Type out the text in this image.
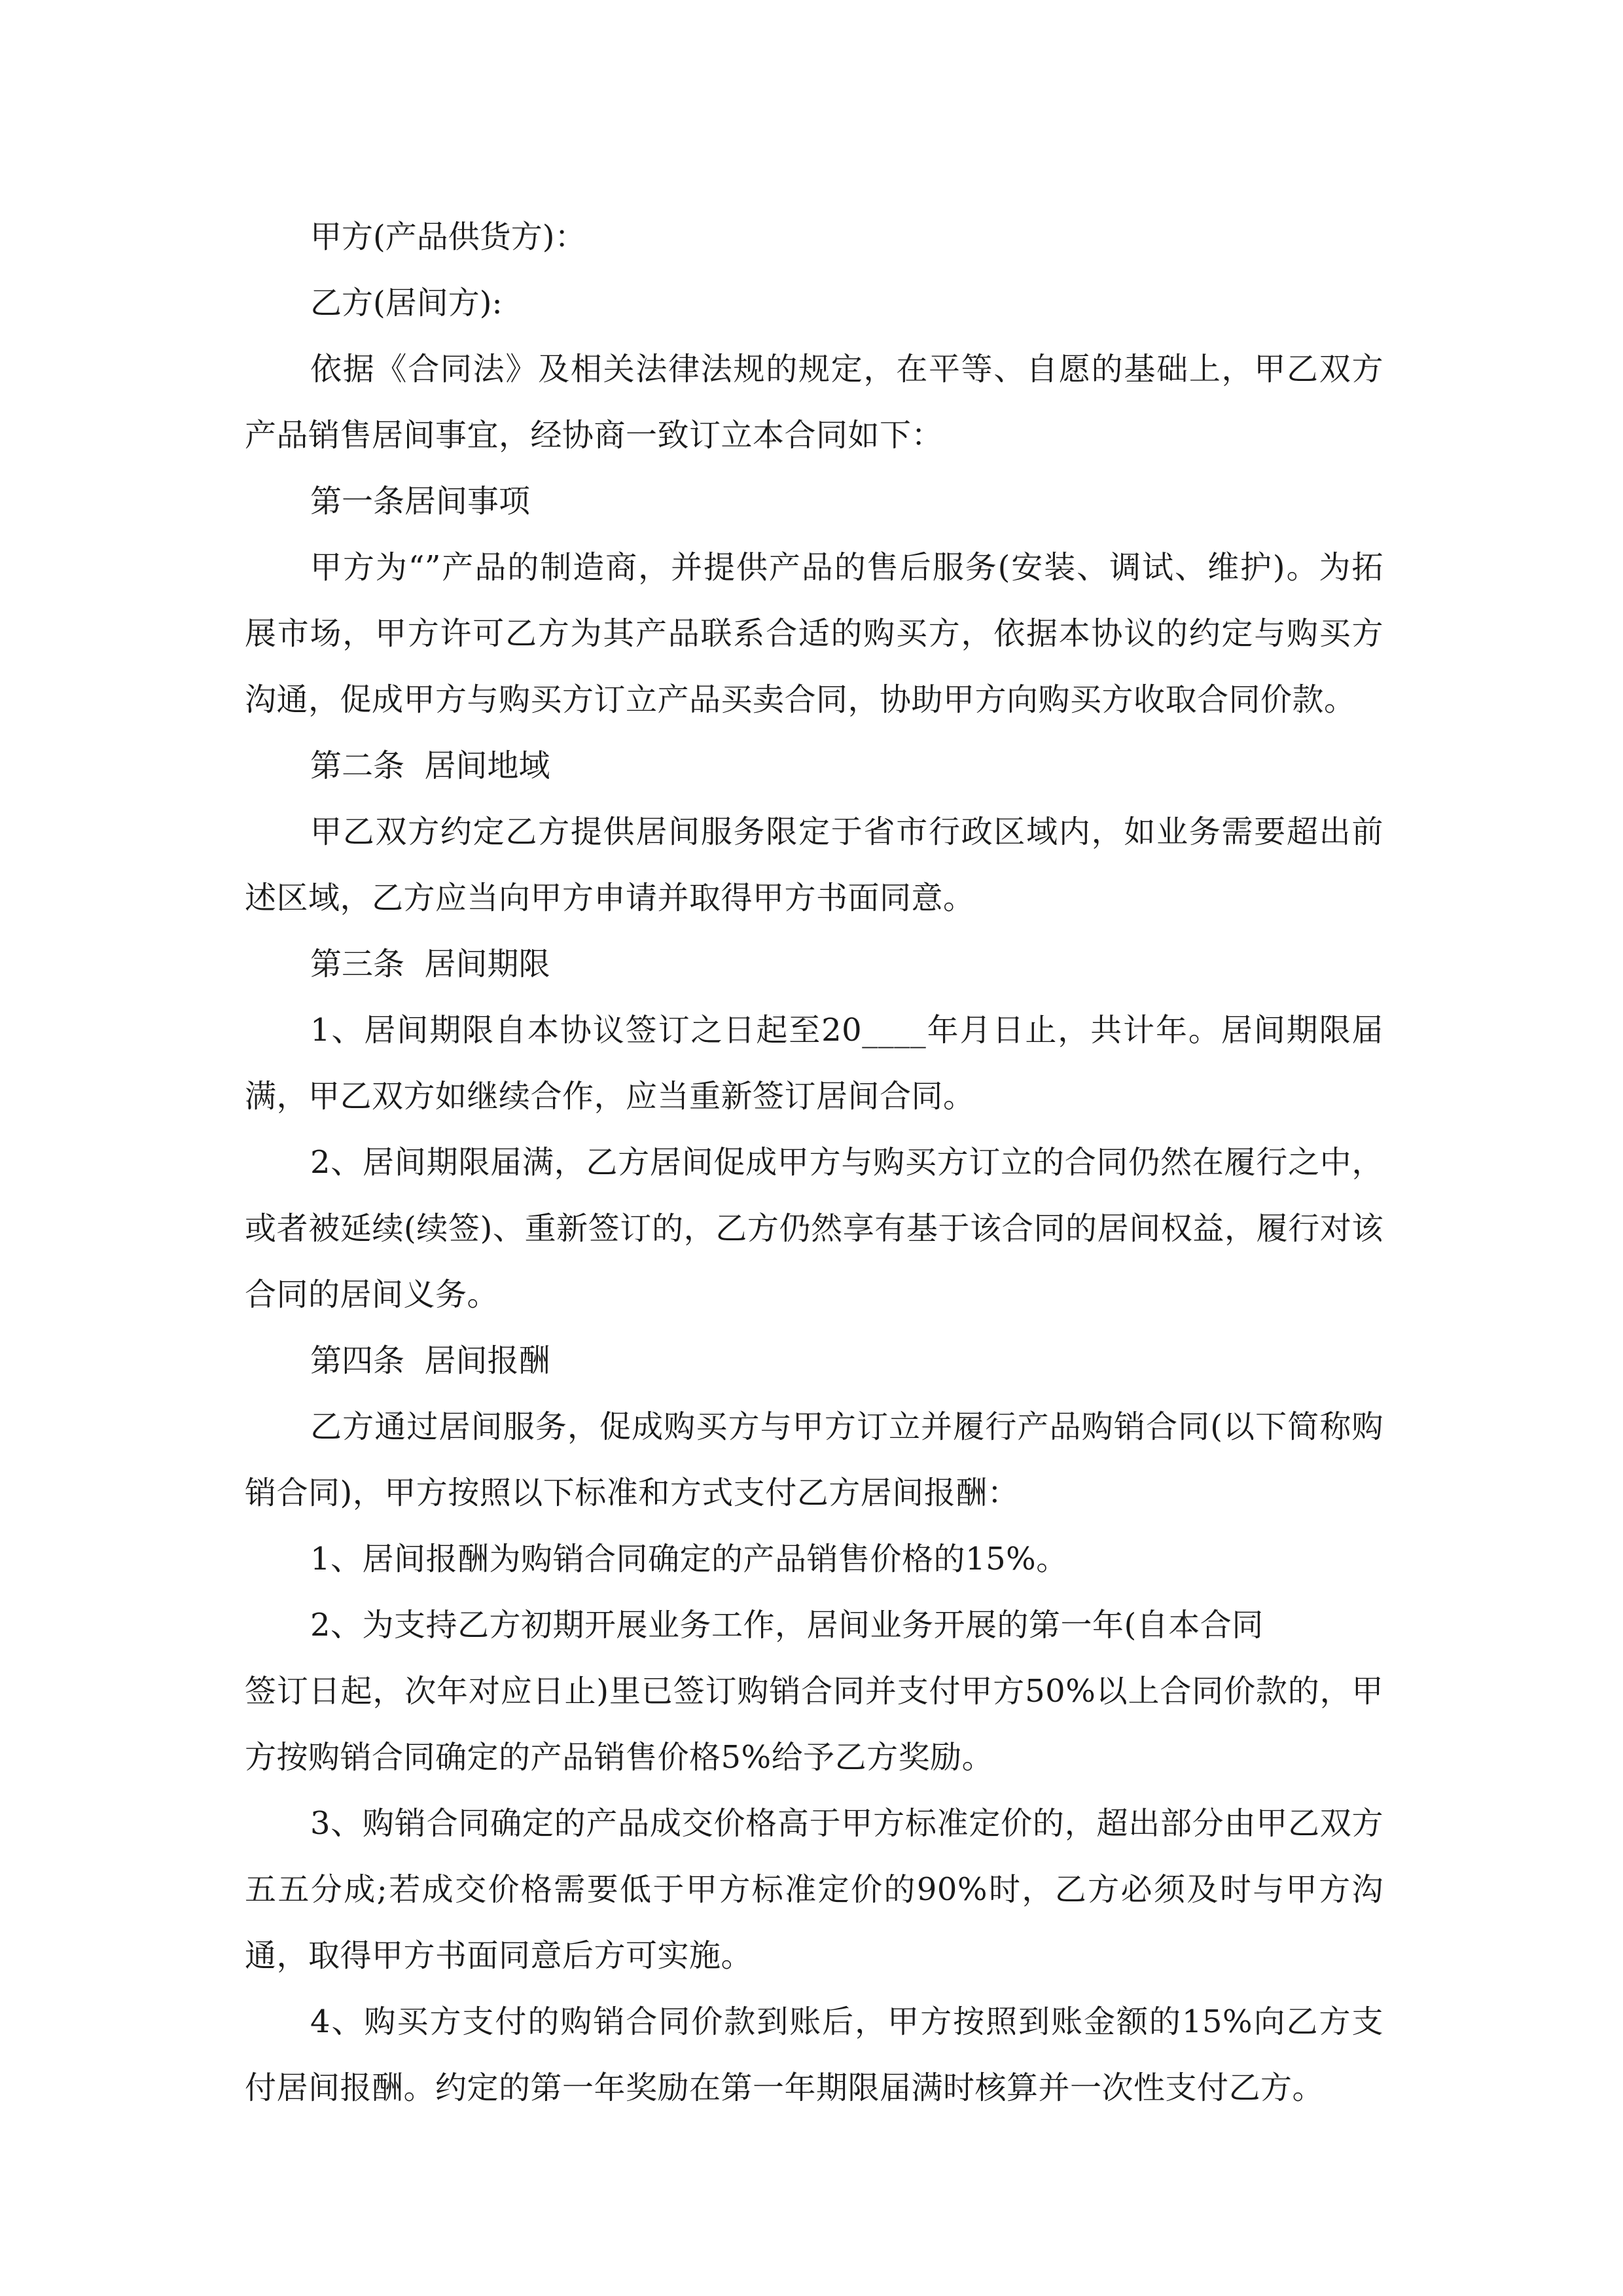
甲方(产品供货方)：

乙方(居间方):

依据《合同法》及相关法律法规的规定，在平等、自愿的基础上，甲乙双方产品销售居间事宜，经协商一致订立本合同如下：

第一条居间事项

甲方为“”产品的制造商，并提供产品的售后服务(安装、调试、维护)。为拓展市场，甲方许可乙方为其产品联系合适的购买方，依据本协议的约定与购买方沟通，促成甲方与购买方订立产品买卖合同，协助甲方向购买方收取合同价款。

第二条  居间地域

甲乙双方约定乙方提供居间服务限定于省市行政区域内，如业务需要超出前述区域，乙方应当向甲方申请并取得甲方书面同意。

第三条  居间期限

1、居间期限自本协议签订之日起至20____年月日止，共计年。居间期限届满，甲乙双方如继续合作，应当重新签订居间合同。

2、居间期限届满，乙方居间促成甲方与购买方订立的合同仍然在履行之中，或者被延续(续签)、重新签订的，乙方仍然享有基于该合同的居间权益，履行对该合同的居间义务。

第四条  居间报酬

乙方通过居间服务，促成购买方与甲方订立并履行产品购销合同(以下简称购销合同)，甲方按照以下标准和方式支付乙方居间报酬：

1、居间报酬为购销合同确定的产品销售价格的15%。

2、为支持乙方初期开展业务工作，居间业务开展的第一年(自本合同

签订日起，次年对应日止)里已签订购销合同并支付甲方50%以上合同价款的，甲方按购销合同确定的产品销售价格5%给予乙方奖励。

3、购销合同确定的产品成交价格高于甲方标准定价的，超出部分由甲乙双方五五分成;若成交价格需要低于甲方标准定价的90%时，乙方必须及时与甲方沟通，取得甲方书面同意后方可实施。

4、购买方支付的购销合同价款到账后，甲方按照到账金额的15%向乙方支付居间报酬。约定的第一年奖励在第一年期限届满时核算并一次性支付乙方。
